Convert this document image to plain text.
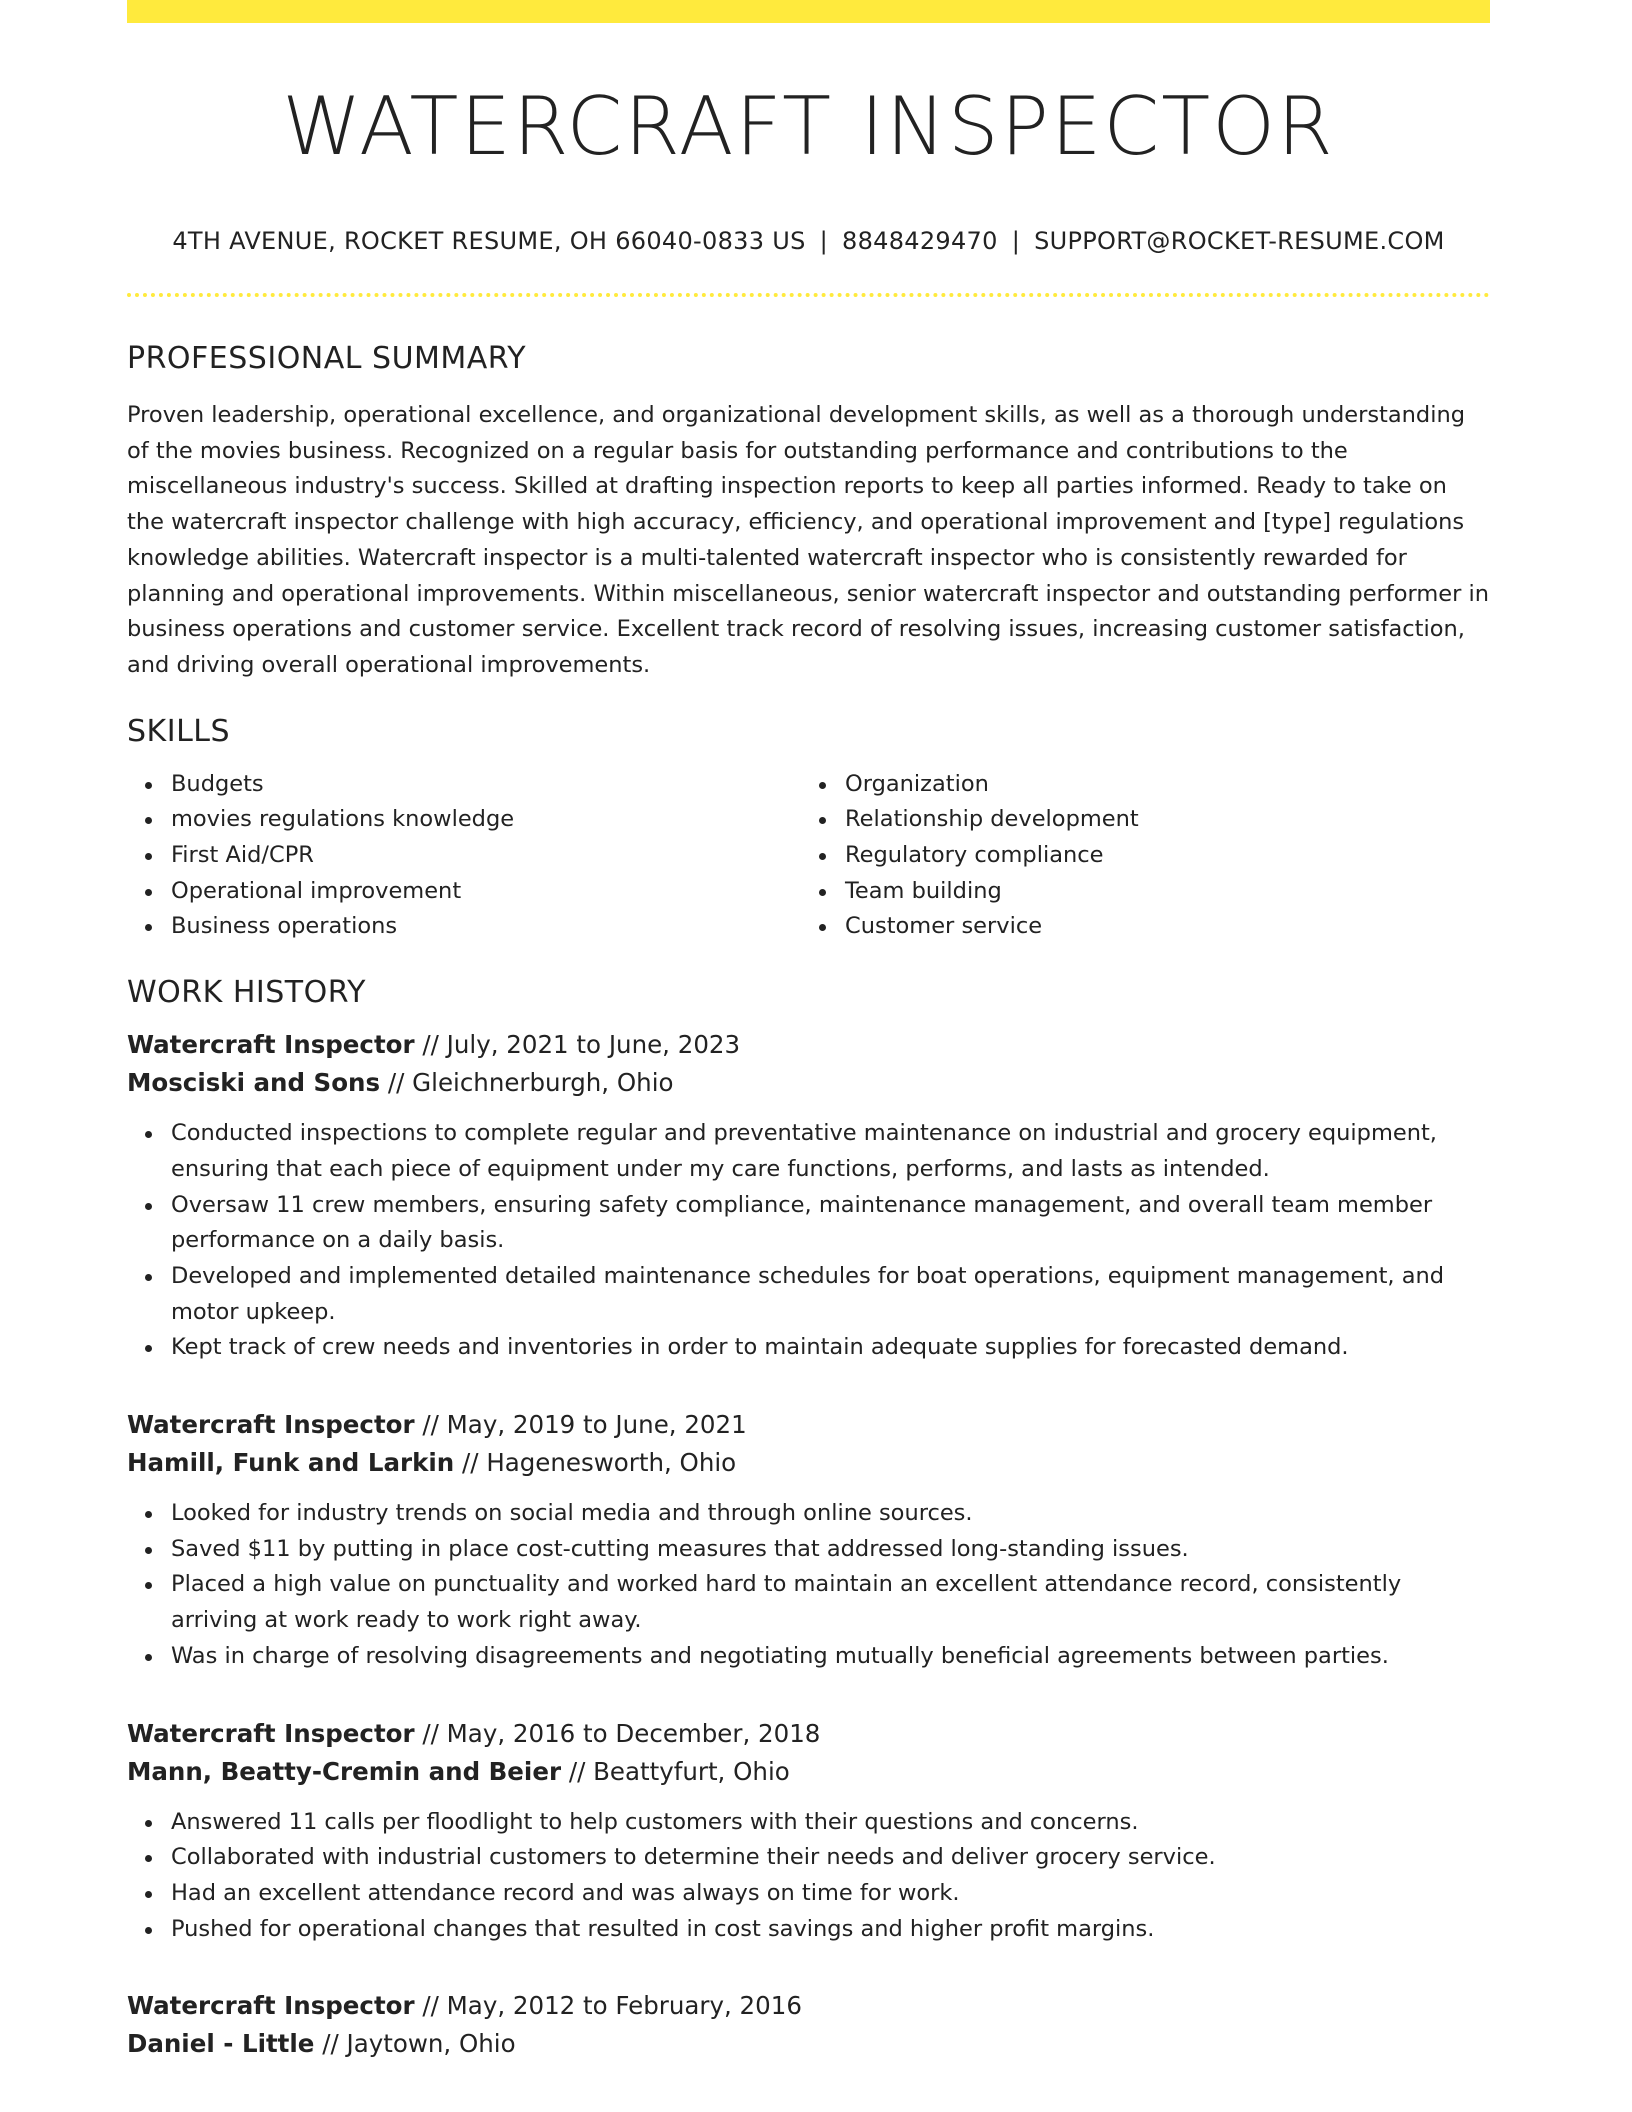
WATERCRAFT INSPECTOR
4TH AVENUE, ROCKET RESUME, OH 66040-0833 US | 8848429470 | SUPPORT@ROCKET-RESUME.COM
PROFESSIONAL SUMMARY
Proven leadership, operational excellence, and organizational development skills, as well as a thorough understanding of the movies business. Recognized on a regular basis for outstanding performance and contributions to the miscellaneous industry's success. Skilled at drafting inspection reports to keep all parties informed. Ready to take on the watercraft inspector challenge with high accuracy, efficiency, and operational improvement and [type] regulations knowledge abilities. Watercraft inspector is a multi-talented watercraft inspector who is consistently rewarded for planning and operational improvements. Within miscellaneous, senior watercraft inspector and outstanding performer in business operations and customer service. Excellent track record of resolving issues, increasing customer satisfaction, and driving overall operational improvements.
SKILLS
Budgets
movies regulations knowledge
First Aid/CPR
Operational improvement
Business operations
Organization
Relationship development
Regulatory compliance
Team building
Customer service
WORK HISTORY
Watercraft Inspector // July, 2021 to June, 2023
Mosciski and Sons // Gleichnerburgh, Ohio
Conducted inspections to complete regular and preventative maintenance on industrial and grocery equipment, ensuring that each piece of equipment under my care functions, performs, and lasts as intended.
Oversaw 11 crew members, ensuring safety compliance, maintenance management, and overall team member performance on a daily basis.
Developed and implemented detailed maintenance schedules for boat operations, equipment management, and motor upkeep.
Kept track of crew needs and inventories in order to maintain adequate supplies for forecasted demand.
Watercraft Inspector // May, 2019 to June, 2021
Hamill, Funk and Larkin // Hagenesworth, Ohio
Looked for industry trends on social media and through online sources.
Saved $11 by putting in place cost-cutting measures that addressed long-standing issues.
Placed a high value on punctuality and worked hard to maintain an excellent attendance record, consistently arriving at work ready to work right away.
Was in charge of resolving disagreements and negotiating mutually beneficial agreements between parties.
Watercraft Inspector // May, 2016 to December, 2018
Mann, Beatty-Cremin and Beier // Beattyfurt, Ohio
Answered 11 calls per floodlight to help customers with their questions and concerns.
Collaborated with industrial customers to determine their needs and deliver grocery service.
Had an excellent attendance record and was always on time for work.
Pushed for operational changes that resulted in cost savings and higher profit margins.
Watercraft Inspector // May, 2012 to February, 2016
Daniel - Little // Jaytown, Ohio
